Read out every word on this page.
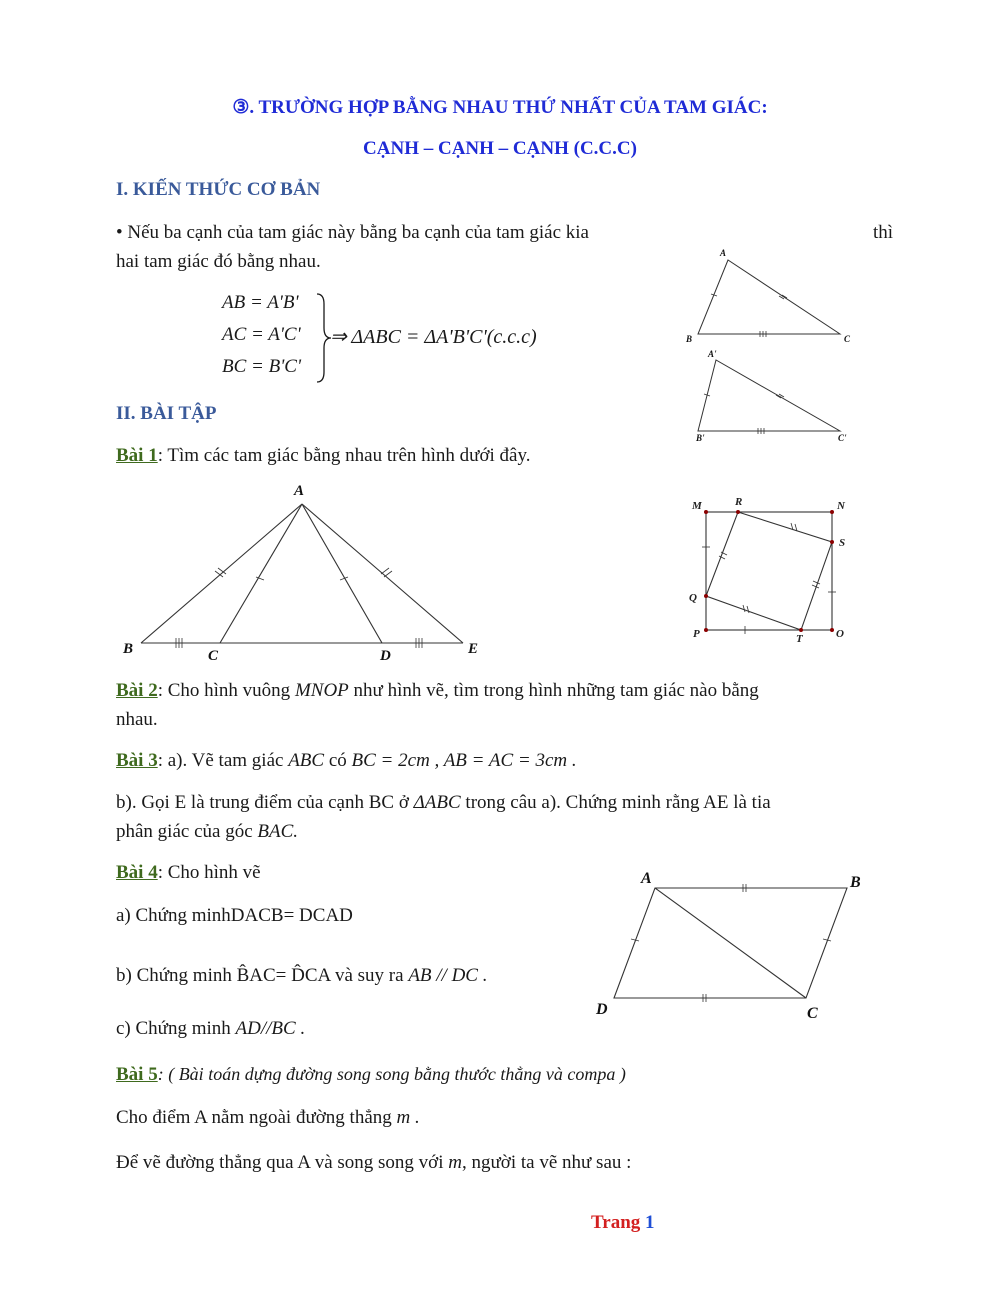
③. TRƯỜNG HỢP BẰNG NHAU THỨ NHẤT CỦA TAM GIÁC:
CẠNH – CẠNH – CẠNH (C.C.C)
I. KIẾN THỨC CƠ BẢN
• Nếu ba cạnh của tam giác này bằng ba cạnh của tam giác kia	thì
hai tam giác đó bằng nhau.
AB = A'B'
AC = A'C'
BC = B'C'
⇒ ΔABC = ΔA'B'C'(c.c.c)
A
B	C
A'
B'	C'
II. BÀI TẬP
Bài 1: Tìm các tam giác bằng nhau trên hình dưới đây.
A
B	C	D	E
M	R	N
S
Q
P	T	O
Bài 2: Cho hình vuông MNOP như hình vẽ, tìm trong hình những tam giác nào bằng
nhau.
Bài 3: a). Vẽ tam giác ABC có BC = 2cm , AB = AC = 3cm .
b). Gọi E là trung điểm của cạnh BC ở ΔABC trong câu a). Chứng minh rằng AE là tia
phân giác của góc BAC.
Bài 4: Cho hình vẽ
a) Chứng minhDACB= DCAD
b) Chứng minh B̂AC= D̂CA và suy ra AB // DC .
c) Chứng minh AD//BC .
A	B
C
D
Bài 5: ( Bài toán dựng đường song song bằng thước thẳng và compa )
Cho điểm A nằm ngoài đường thẳng m .
Để vẽ đường thẳng qua A và song song với m, người ta vẽ như sau :
Trang 1
